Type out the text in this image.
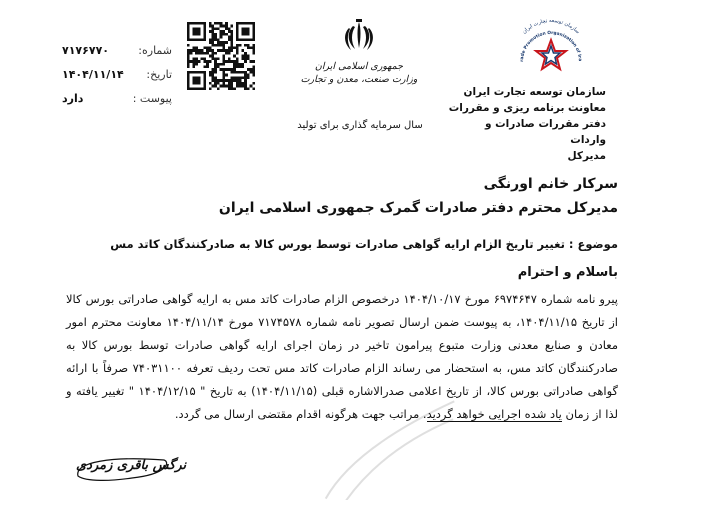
شماره:
۷۱۷۶۷۷۰
تاریخ:
۱۴۰۴/۱۱/۱۴
پیوست :
دارد
جمهوری اسلامی ایران
وزارت صنعت، معدن و تجارت
سال سرمایه گذاری برای تولید
سازمان توسعه تجارت ایران
rade Promotion Organization of Ira
سازمان توسعه تجارت ایران
معاونت برنامه ریزی و مقررات
دفتر مقررات صادرات و واردات
مدیرکل
سرکار خانم اورنگی
مدیرکل محترم دفتر صادرات گمرک جمهوری اسلامی ایران
موضوع : تغییر تاریخ الزام ارایه گواهی صادرات توسط بورس کالا به صادرکنندگان کاتد مس
باسلام و احترام
پیرو نامه شماره ۶۹۷۴۶۴۷ مورخ ۱۴۰۴/۱۰/۱۷ درخصوص الزام صادرات کاتد مس به ارایه گواهی صادراتی بورس کالا از تاریخ ۱۴۰۴/۱۱/۱۵، به پیوست ضمن ارسال تصویر نامه شماره ۷۱۷۴۵۷۸ مورخ ۱۴۰۴/۱۱/۱۴ معاونت محترم امور معادن و صنایع معدنی وزارت متبوع پیرامون تاخیر در زمان اجرای ارایه گواهی صادرات توسط بورس کالا به صادرکنندگان کاتد مس، به استحضار می رساند الزام صادرات کاتد مس تحت ردیف تعرفه ۷۴۰۳۱۱۰۰ صرفاً با ارائه گواهی صادراتی بورس کالا، از تاریخ اعلامی صدرالاشاره قبلی (۱۴۰۴/۱۱/۱۵) به تاریخ " ۱۴۰۴/۱۲/۱۵ " تغییر یافته و لذا از زمان یاد شده اجرایی خواهد گردید. مراتب جهت هرگونه اقدام مقتضی ارسال می گردد.
نرگس باقری زمردی
